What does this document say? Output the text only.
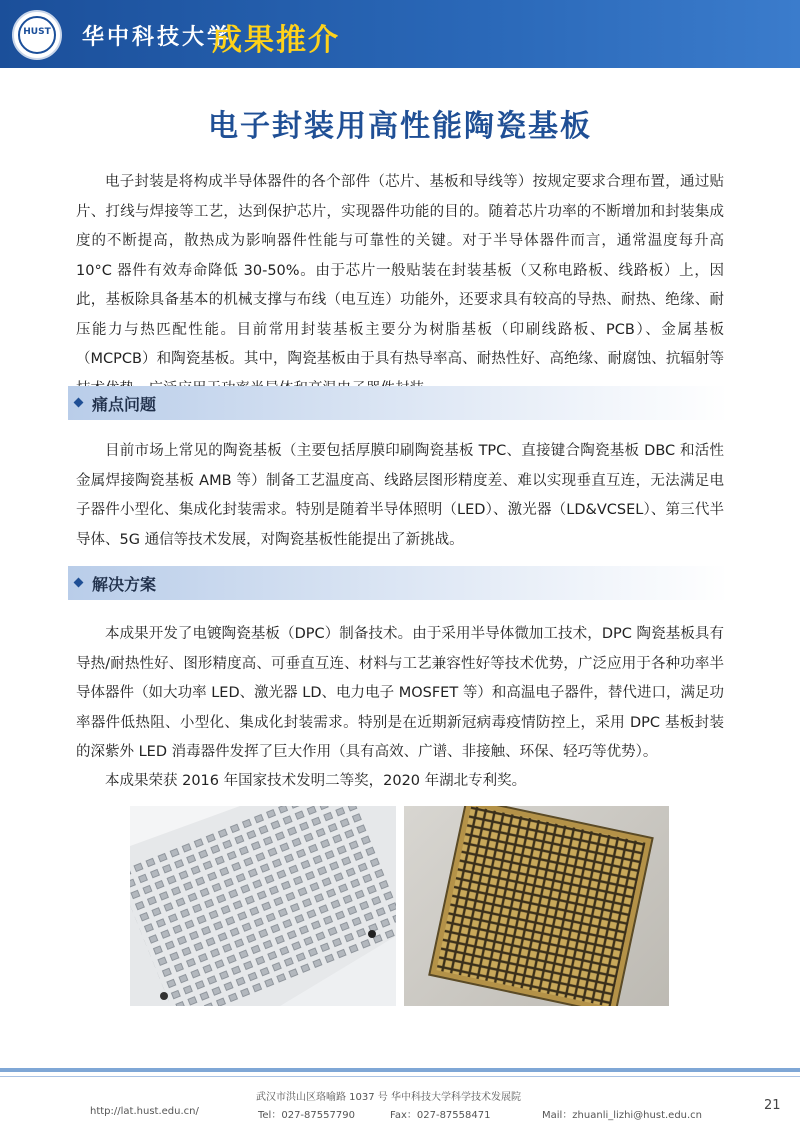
HUST	华中科技大学
成果推介
电子封装用高性能陶瓷基板
电子封装是将构成半导体器件的各个部件（芯片、基板和导线等）按规定要求合理布置，通过贴片、打线与焊接等工艺，达到保护芯片，实现器件功能的目的。随着芯片功率的不断增加和封装集成度的不断提高，散热成为影响器件性能与可靠性的关键。对于半导体器件而言，通常温度每升高 10°C 器件有效寿命降低 30-50%。由于芯片一般贴装在封装基板（又称电路板、线路板）上，因此，基板除具备基本的机械支撑与布线（电互连）功能外，还要求具有较高的导热、耐热、绝缘、耐压能力与热匹配性能。目前常用封装基板主要分为树脂基板（印刷线路板、PCB）、金属基板（MCPCB）和陶瓷基板。其中，陶瓷基板由于具有热导率高、耐热性好、高绝缘、耐腐蚀、抗辐射等
痛点问题
目前市场上常见的陶瓷基板（主要包括厚膜印刷陶瓷基板 TPC、直接键合陶瓷基板 DBC 和活性金属焊接陶瓷基板 AMB 等）制备工艺温度高、线路层图形精度差、难以实现垂直互连，无法满足电子器件小型化、集成化封装需求。特别是随着半导体照明（LED）、激光器（LD&VCSEL）、第三代半导体、5G 通信等技术发展，对陶瓷基板性能提出了新挑战。
解决方案
本成果开发了电镀陶瓷基板（DPC）制备技术。由于采用半导体微加工技术，DPC 陶瓷基板具有导热/耐热性好、图形精度高、可垂直互连、材料与工艺兼容性好等技术优势，广泛应用于各种功率半导体器件（如大功率 LED、激光器 LD、电力电子 MOSFET 等）和高温电子器件，替代进口，满足功率器件低热阻、小型化、集成化封装需求。特别是在近期新冠病毒疫情防控上，采用 DPC 基板封装的深紫外 LED 消毒器件发挥了巨大作用（具有高效、广谱、非接触、环保、轻巧等优势）。
本成果荣获 2016 年国家技术发明二等奖，2020 年湖北专利奖。
武汉市洪山区珞喻路 1037 号 华中科技大学科学技术发展院
http://lat.hust.edu.cn/	Tel：027-87557790	Fax：027-87558471	Mail：zhuanli_lizhi@hust.edu.cn
21
